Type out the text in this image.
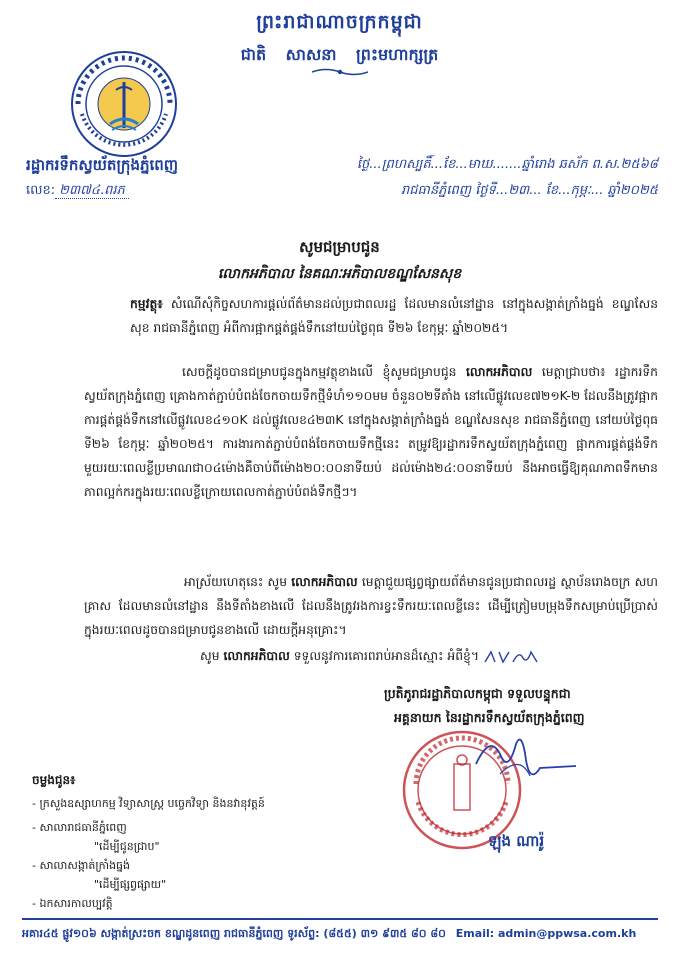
ព្រះរាជាណាចក្រកម្ពុជា
ជាតិ សាសនា ព្រះមហាក្សត្រ
រដ្ឋាករទឹកស្វយ័តក្រុងភ្នំពេញ
លេខ: ២៣៧៤.ពរភ
ថ្ងៃ...ព្រហស្បតិ៍...ខែ...មាឃ.......ឆ្នាំរោង ឆស័ក ព.ស.២៥៦៨
រាជធានីភ្នំពេញ ថ្ងៃទី...២៣... ខែ...កុម្ភៈ... ឆ្នាំ២០២៥
សូមជម្រាបជូន
លោកអភិបាល នៃគណៈអភិបាលខណ្ឌសែនសុខ
កម្មវត្ថុ៖ សំណើសុំកិច្ចសហការផ្តល់ព័ត៌មានដល់ប្រជាពលរដ្ឋ ដែលមានលំនៅដ្ឋាន នៅក្នុងសង្កាត់ក្រាំងធ្នង់ ខណ្ឌសែនសុខ រាជធានីភ្នំពេញ អំពីការផ្អាកផ្គត់ផ្គង់ទឹកនៅយប់ថ្ងៃពុធ ទី២៦ ខែកុម្ភៈ ឆ្នាំ២០២៥។
សេចក្តីដូចបានជម្រាបជូនក្នុងកម្មវត្ថុខាងលើ ខ្ញុំសូមជម្រាបជូន លោកអភិបាល មេត្តាជ្រាបថា៖ រដ្ឋាករទឹកស្វយ័តក្រុងភ្នំពេញ គ្រោងកាត់ភ្ជាប់បំពង់ចែកចាយទឹកថ្មីទំហំ១១០មម ចំនួន០២ទីតាំង នៅលើផ្លូវលេខ៧២១K-២ ដែលនឹងត្រូវផ្អាកការផ្គត់ផ្គង់ទឹកនៅលើផ្លូវលេខ៤១០K ដល់ផ្លូវលេខ៤២៣K នៅក្នុងសង្កាត់ក្រាំងធ្នង់ ខណ្ឌសែនសុខ រាជធានីភ្នំពេញ នៅយប់ថ្ងៃពុធ ទី២៦ ខែកុម្ភៈ ឆ្នាំ២០២៥។ ការងារកាត់ភ្ជាប់បំពង់ចែកចាយទឹកថ្មីនេះ តម្រូវឱ្យរដ្ឋាករទឹកស្វយ័តក្រុងភ្នំពេញ ផ្អាកការផ្គត់ផ្គង់ទឹកមួយរយៈពេលខ្លីប្រមាណជា០៤ម៉ោងគឺចាប់ពីម៉ោង២០:០០នាទីយប់ ដល់ម៉ោង២៤:០០នាទីយប់ នឹងអាចធ្វើឱ្យគុណភាពទឹកមានភាពល្អក់ករក្នុងរយៈពេលខ្លីក្រោយពេលកាត់ភ្ជាប់បំពង់ទឹកថ្មីៗ។
អាស្រ័យហេតុនេះ សូម លោកអភិបាល មេត្តាជួយផ្សព្វផ្សាយព័ត៌មានជូនប្រជាពលរដ្ឋ ស្ថាប័នរោងចក្រ សហគ្រាស ដែលមានលំនៅដ្ឋាន នឹងទីតាំងខាងលើ ដែលនឹងត្រូវរងការខ្វះទឹករយៈពេលខ្លីនេះ ដើម្បីត្រៀមបម្រុងទឹកសម្រាប់ប្រើប្រាស់ក្នុងរយៈពេលដូចបានជម្រាបជូនខាងលើ ដោយក្តីអនុគ្រោះ។
សូម លោកអភិបាល ទទួលនូវការគោរពរាប់អានដ៏ស្មោះ អំពីខ្ញុំ។
ប្រតិភូរាជរដ្ឋាភិបាលកម្ពុជា ទទួលបន្ទុកជា
អគ្គនាយក នៃរដ្ឋាករទឹកស្វយ័តក្រុងភ្នំពេញ
ឡុង ណារ៉ូ
ចម្លងជូន៖
- ក្រសួងឧស្សាហកម្ម វិទ្យាសាស្ត្រ បច្ចេកវិទ្យា និងនវានុវត្តន៍
- សាលារាជធានីភ្នំពេញ
"ដើម្បីជូនជ្រាប"
- សាលាសង្កាត់ក្រាំងធ្នង់
"ដើម្បីផ្សព្វផ្សាយ"
- ឯកសារកាលប្បវត្តិ
អគារ៤៥ ផ្លូវ១០៦ សង្កាត់ស្រះចក ខណ្ឌដូនពេញ រាជធានីភ្នំពេញ ទូរស័ព្ទ: (៨៥៥) ៣១ ៩៣៥ ៨០ ៨០ Email: admin@ppwsa.com.kh
